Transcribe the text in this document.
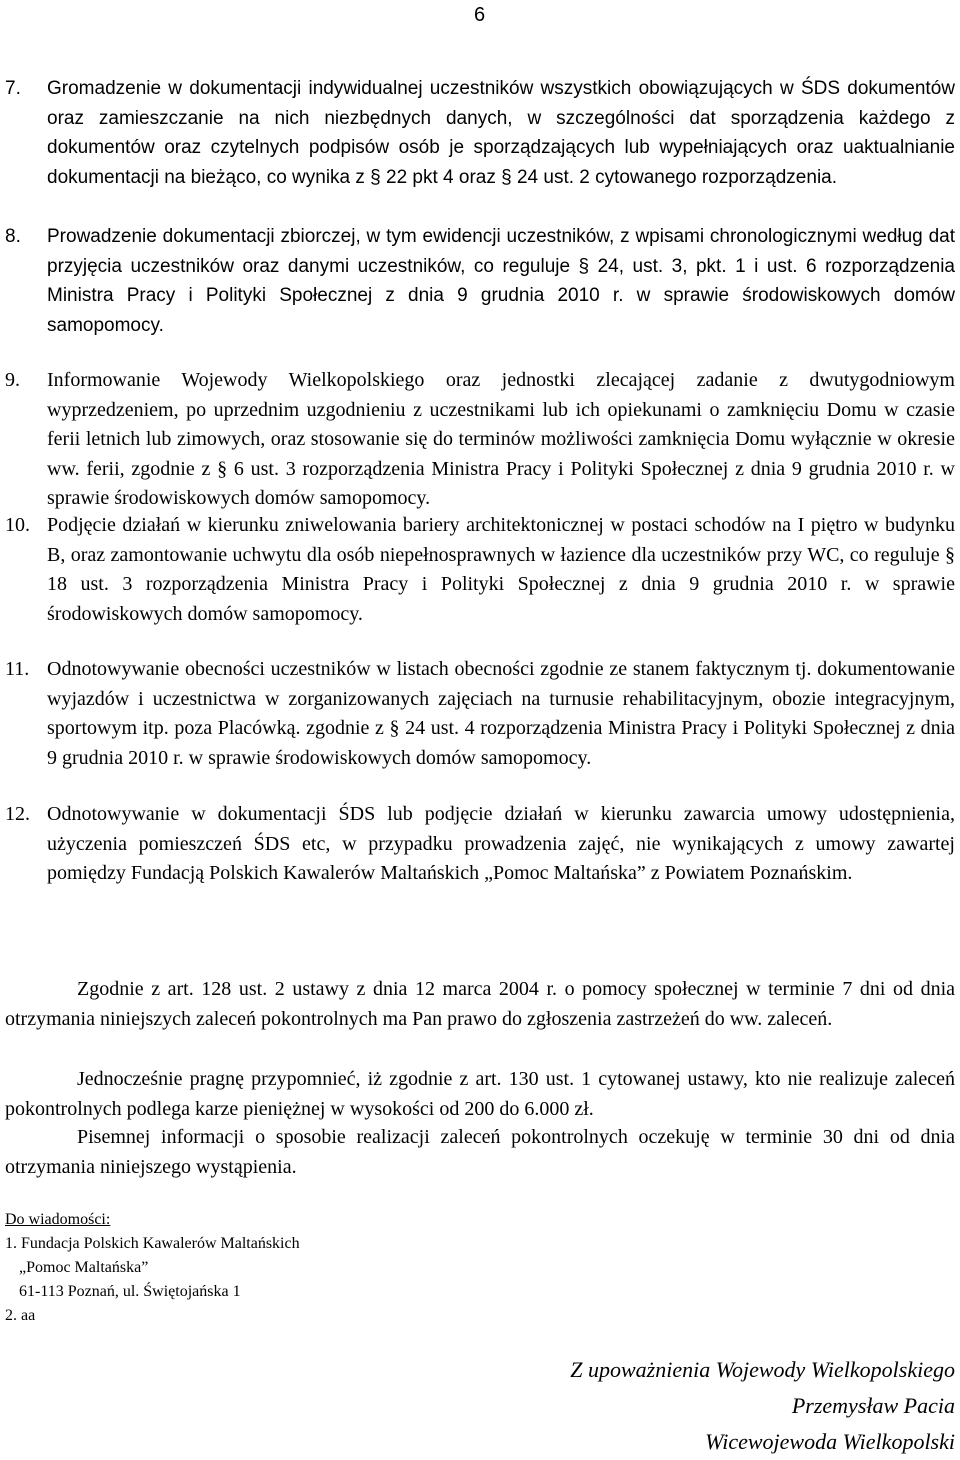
6
7. Gromadzenie w dokumentacji indywidualnej uczestników wszystkich obowiązujących w ŚDS dokumentów oraz zamieszczanie na nich niezbędnych danych, w szczególności dat sporządzenia każdego z dokumentów oraz czytelnych podpisów osób je sporządzających lub wypełniających oraz uaktualnianie dokumentacji na bieżąco, co wynika z § 22 pkt 4 oraz § 24 ust. 2 cytowanego rozporządzenia.
8. Prowadzenie dokumentacji zbiorczej, w tym ewidencji uczestników, z wpisami chronologicznymi według dat przyjęcia uczestników oraz danymi uczestników, co reguluje § 24, ust. 3, pkt. 1 i ust. 6 rozporządzenia Ministra Pracy i Polityki Społecznej z dnia 9 grudnia 2010 r. w sprawie środowiskowych domów samopomocy.
9. Informowanie Wojewody Wielkopolskiego oraz jednostki zlecającej zadanie z dwutygodniowym wyprzedzeniem, po uprzednim uzgodnieniu z uczestnikami lub ich opiekunami o zamknięciu Domu w czasie ferii letnich lub zimowych, oraz stosowanie się do terminów możliwości zamknięcia Domu wyłącznie w okresie ww. ferii, zgodnie z § 6 ust. 3 rozporządzenia Ministra Pracy i Polityki Społecznej z dnia 9 grudnia 2010 r. w sprawie środowiskowych domów samopomocy.
10. Podjęcie działań w kierunku zniwelowania bariery architektonicznej w postaci schodów na I piętro w budynku B, oraz zamontowanie uchwytu dla osób niepełnosprawnych w łazience dla uczestników przy WC, co reguluje § 18 ust. 3 rozporządzenia Ministra Pracy i Polityki Społecznej z dnia 9 grudnia 2010 r. w sprawie środowiskowych domów samopomocy.
11. Odnotowywanie obecności uczestników w listach obecności zgodnie ze stanem faktycznym tj. dokumentowanie wyjazdów i uczestnictwa w zorganizowanych zajęciach na turnusie rehabilitacyjnym, obozie integracyjnym, sportowym itp. poza Placówką. zgodnie z § 24 ust. 4 rozporządzenia Ministra Pracy i Polityki Społecznej z dnia 9 grudnia 2010 r. w sprawie środowiskowych domów samopomocy.
12. Odnotowywanie w dokumentacji ŚDS lub podjęcie działań w kierunku zawarcia umowy udostępnienia, użyczenia pomieszczeń ŚDS etc, w przypadku prowadzenia zajęć, nie wynikających z umowy zawartej pomiędzy Fundacją Polskich Kawalerów Maltańskich „Pomoc Maltańska” z Powiatem Poznańskim.
Zgodnie z art. 128 ust. 2 ustawy z dnia 12 marca 2004 r. o pomocy społecznej w terminie 7 dni od dnia otrzymania niniejszych zaleceń pokontrolnych ma Pan prawo do zgłoszenia zastrzeżeń do ww. zaleceń.
Jednocześnie pragnę przypomnieć, iż zgodnie z art. 130 ust. 1 cytowanej ustawy, kto nie realizuje zaleceń pokontrolnych podlega karze pieniężnej w wysokości od 200 do 6.000 zł.
Pisemnej informacji o sposobie realizacji zaleceń pokontrolnych oczekuję w terminie 30 dni od dnia otrzymania niniejszego wystąpienia.
Do wiadomości:
1. Fundacja Polskich Kawalerów Maltańskich
„Pomoc Maltańska”
61-113 Poznań, ul. Świętojańska 1
2. aa
Z upoważnienia Wojewody Wielkopolskiego
Przemysław Pacia
Wicewojewoda Wielkopolski
